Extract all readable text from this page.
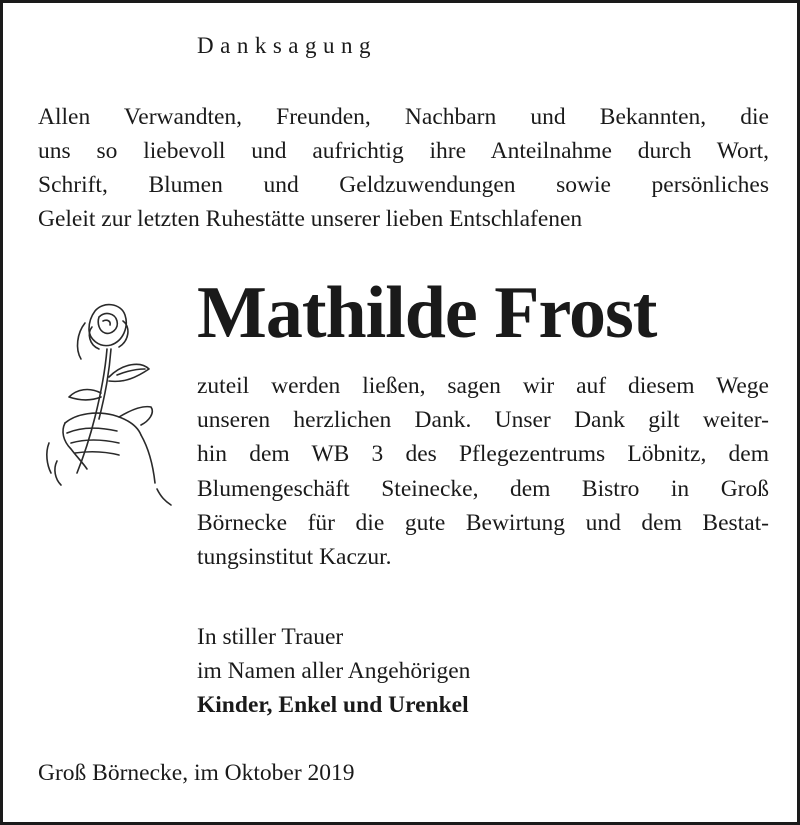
Danksagung
Allen Verwandten, Freunden, Nachbarn und Bekannten, die
uns so liebevoll und aufrichtig ihre Anteilnahme durch Wort,
Schrift, Blumen und Geldzuwendungen sowie persönliches
Geleit zur letzten Ruhestätte unserer lieben Entschlafenen
Mathilde Frost
zuteil werden ließen, sagen wir auf diesem Wege
unseren herzlichen Dank. Unser Dank gilt weiter-
hin dem WB 3 des Pflegezentrums Löbnitz, dem
Blumengeschäft Steinecke, dem Bistro in Groß
Börnecke für die gute Bewirtung und dem Bestat-
tungsinstitut Kaczur.
In stiller Trauer
im Namen aller Angehörigen
Kinder, Enkel und Urenkel
Groß Börnecke, im Oktober 2019
